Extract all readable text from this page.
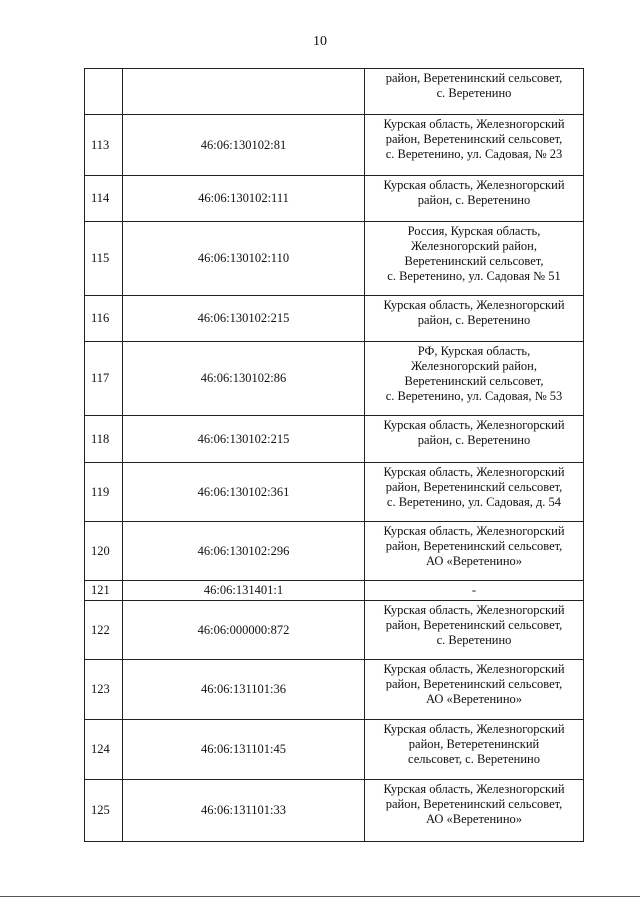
10

		район, Веретенинский сельсовет,
с. Веретенино

113	46:06:130102:81	Курская область, Железногорский
район, Веретенинский сельсовет,
с. Веретенино, ул. Садовая, № 23

114	46:06:130102:111	Курская область, Железногорский
район, с. Веретенино

115	46:06:130102:110	Россия, Курская область,
Железногорский район,
Веретенинский сельсовет,
с. Веретенино, ул. Садовая № 51

116	46:06:130102:215	Курская область, Железногорский
район, с. Веретенино

117	46:06:130102:86	РФ, Курская область,
Железногорский район,
Веретенинский сельсовет,
с. Веретенино, ул. Садовая, № 53

118	46:06:130102:215	Курская область, Железногорский
район, с. Веретенино

119	46:06:130102:361	Курская область, Железногорский
район, Веретенинский сельсовет,
с. Веретенино, ул. Садовая, д. 54

120	46:06:130102:296	Курская область, Железногорский
район, Веретенинский сельсовет,
АО «Веретенино»

121	46:06:131401:1	-

122	46:06:000000:872	Курская область, Железногорский
район, Веретенинский сельсовет,
с. Веретенино

123	46:06:131101:36	Курская область, Железногорский
район, Веретенинский сельсовет,
АО «Веретенино»

124	46:06:131101:45	Курская область, Железногорский
район, Ветеретенинский
сельсовет, с. Веретенино

125	46:06:131101:33	Курская область, Железногорский
район, Веретенинский сельсовет,
АО «Веретенино»
